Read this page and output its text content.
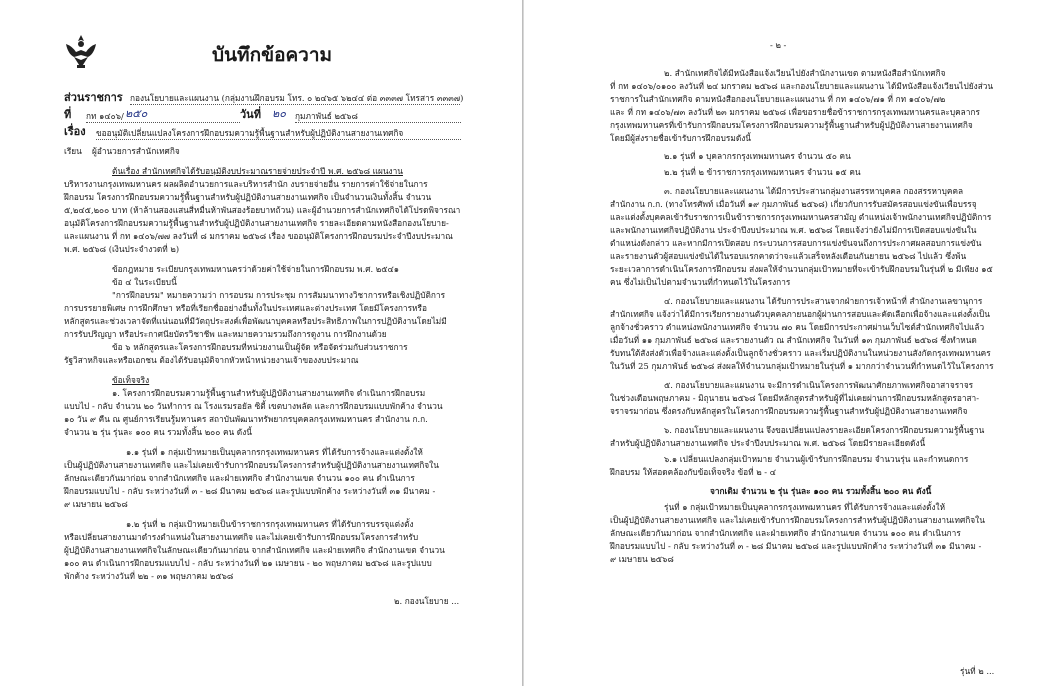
บันทึกข้อความ
ส่วนราชการ กองนโยบายและแผนงาน (กลุ่มงานฝึกอบรม โทร. ๐ ๒๔๖๕ ๖๒๔๔ ต่อ ๓๓๓๗ โทรสาร ๓๓๓๗)
ที่ กท ๑๔๐๖/ ๒๕๐	วันที่ ๒๐ กุมภาพันธ์ ๒๕๖๘
เรื่อง ขออนุมัติเปลี่ยนแปลงโครงการฝึกอบรมความรู้พื้นฐานสำหรับผู้ปฏิบัติงานสายงานเทศกิจ
เรียน ผู้อำนวยการสำนักเทศกิจ
ต้นเรื่อง สำนักเทศกิจได้รับอนุมัติงบประมาณรายจ่ายประจำปี พ.ศ. ๒๕๖๘ แผนงาน
บริหารงานกรุงเทพมหานคร ผลผลิตอำนวยการและบริหารสำนัก งบรายจ่ายอื่น รายการค่าใช้จ่ายในการ
ฝึกอบรม โครงการฝึกอบรมความรู้พื้นฐานสำหรับผู้ปฏิบัติงานสายงานเทศกิจ เป็นจำนวนเงินทั้งสิ้น จำนวน
๕,๒๔๕,๒๐๐ บาท (ห้าล้านสองแสนสี่หมื่นห้าพันสองร้อยบาทถ้วน) และผู้อำนวยการสำนักเทศกิจได้โปรดพิจารณา
อนุมัติโครงการฝึกอบรมความรู้พื้นฐานสำหรับผู้ปฏิบัติงานสายงานเทศกิจ รายละเอียดตามหนังสือกองนโยบาย-
และแผนงาน ที่ กท ๑๔๐๖/๗๗ ลงวันที่ ๘ มกราคม ๒๕๖๘ เรื่อง ขออนุมัติโครงการฝึกอบรมประจำปีงบประมาณ
พ.ศ. ๒๕๖๘ (เงินประจำงวดที่ ๒)
ข้อกฎหมาย ระเบียบกรุงเทพมหานครว่าด้วยค่าใช้จ่ายในการฝึกอบรม พ.ศ. ๒๕๔๑
ข้อ ๔ ในระเบียบนี้
"การฝึกอบรม" หมายความว่า การอบรม การประชุม การสัมมนาทางวิชาการหรือเชิงปฏิบัติการ
การบรรยายพิเศษ การฝึกศึกษา หรือที่เรียกชื่ออย่างอื่นทั้งในประเทศและต่างประเทศ โดยมีโครงการหรือ
หลักสูตรและช่วงเวลาจัดที่แน่นอนที่มีวัตถุประสงค์เพื่อพัฒนาบุคคลหรือประสิทธิภาพในการปฏิบัติงานโดยไม่มี
การรับปริญญา หรือประกาศนียบัตรวิชาชีพ และหมายความรวมถึงการดูงาน การฝึกงานด้วย
ข้อ ๖ หลักสูตรและโครงการฝึกอบรมที่หน่วยงานเป็นผู้จัด หรือจัดร่วมกับส่วนราชการ
รัฐวิสาหกิจและหรือเอกชน ต้องได้รับอนุมัติจากหัวหน้าหน่วยงานเจ้าของงบประมาณ
ข้อเท็จจริง
๑. โครงการฝึกอบรมความรู้พื้นฐานสำหรับผู้ปฏิบัติงานสายงานเทศกิจ ดำเนินการฝึกอบรม
แบบไป - กลับ จำนวน ๒๐ วันทำการ ณ โรงแรมรอยัล ซิตี้ เขตบางพลัด และการฝึกอบรมแบบพักค้าง จำนวน
๑๐ วัน ๙ คืน ณ ศูนย์การเรียนรู้มหานคร สถาบันพัฒนาทรัพยากรบุคคลกรุงเทพมหานคร สำนักงาน ก.ก.
จำนวน ๒ รุ่น รุ่นละ ๑๐๐ คน รวมทั้งสิ้น ๒๐๐ คน ดังนี้
๑.๑ รุ่นที่ ๑ กลุ่มเป้าหมายเป็นบุคลากรกรุงเทพมหานคร ที่ได้รับการจ้างและแต่งตั้งให้
เป็นผู้ปฏิบัติงานสายงานเทศกิจ และไม่เคยเข้ารับการฝึกอบรมโครงการสำหรับผู้ปฏิบัติงานสายงานเทศกิจใน
ลักษณะเดียวกันมาก่อน จากสำนักเทศกิจ และฝ่ายเทศกิจ สำนักงานเขต จำนวน ๑๐๐ คน ดำเนินการ
ฝึกอบรมแบบไป - กลับ ระหว่างวันที่ ๓ - ๒๘ มีนาคม ๒๕๖๘ และรูปแบบพักค้าง ระหว่างวันที่ ๓๑ มีนาคม -
๙ เมษายน ๒๕๖๘
๑.๒ รุ่นที่ ๒ กลุ่มเป้าหมายเป็นข้าราชการกรุงเทพมหานคร ที่ได้รับการบรรจุแต่งตั้ง
หรือเปลี่ยนสายงานมาดำรงตำแหน่งในสายงานเทศกิจ และไม่เคยเข้ารับการฝึกอบรมโครงการสำหรับ
ผู้ปฏิบัติงานสายงานเทศกิจในลักษณะเดียวกันมาก่อน จากสำนักเทศกิจ และฝ่ายเทศกิจ สำนักงานเขต จำนวน
๑๐๐ คน ดำเนินการฝึกอบรมแบบไป - กลับ ระหว่างวันที่ ๒๑ เมษายน - ๒๐ พฤษภาคม ๒๕๖๘ และรูปแบบ
พักค้าง ระหว่างวันที่ ๒๒ - ๓๑ พฤษภาคม ๒๕๖๘
๒. กองนโยบาย ...
- ๒ -
๒. สำนักเทศกิจได้มีหนังสือแจ้งเวียนไปยังสำนักงานเขต ตามหนังสือสำนักเทศกิจ
ที่ กท ๑๔๐๖/๐๑๐๐ ลงวันที่ ๒๔ มกราคม ๒๕๖๘ และกองนโยบายและแผนงาน ได้มีหนังสือแจ้งเวียนไปยังส่วน
ราชการในสำนักเทศกิจ ตามหนังสือกองนโยบายและแผนงาน ที่ กท ๑๔๐๖/๗๑ ที่ กท ๑๔๐๖/๗๒
และ ที่ กท ๑๔๐๖/๗๓ ลงวันที่ ๒๓ มกราคม ๒๕๖๘ เพื่อขอรายชื่อข้าราชการกรุงเทพมหานครและบุคลากร
กรุงเทพมหานครที่เข้ารับการฝึกอบรมโครงการฝึกอบรมความรู้พื้นฐานสำหรับผู้ปฏิบัติงานสายงานเทศกิจ
โดยมีผู้ส่งรายชื่อเข้ารับการฝึกอบรมดังนี้
๒.๑ รุ่นที่ ๑ บุคลากรกรุงเทพมหานคร จำนวน ๕๐ คน
๒.๒ รุ่นที่ ๒ ข้าราชการกรุงเทพมหานคร จำนวน ๑๕ คน
๓. กองนโยบายและแผนงาน ได้มีการประสานกลุ่มงานสรรหาบุคคล กองสรรหาบุคคล
สำนักงาน ก.ก. (ทางโทรศัพท์ เมื่อวันที่ ๑๙ กุมภาพันธ์ ๒๕๖๘) เกี่ยวกับการรับสมัครสอบแข่งขันเพื่อบรรจุ
และแต่งตั้งบุคคลเข้ารับราชการเป็นข้าราชการกรุงเทพมหานครสามัญ ตำแหน่งเจ้าพนักงานเทศกิจปฏิบัติการ
และพนักงานเทศกิจปฏิบัติงาน ประจำปีงบประมาณ พ.ศ. ๒๕๖๘ โดยแจ้งว่ายังไม่มีการเปิดสอบแข่งขันใน
ตำแหน่งดังกล่าว และหากมีการเปิดสอบ กระบวนการสอบการแข่งขันจนถึงการประกาศผลสอบการแข่งขัน
และรายงานตัวผู้สอบแข่งขันได้ในรอบแรกคาดว่าจะแล้วเสร็จหลังเดือนกันยายน ๒๕๖๘ ไปแล้ว ซึ่งพ้น
ระยะเวลาการดำเนินโครงการฝึกอบรม ส่งผลให้จำนวนกลุ่มเป้าหมายที่จะเข้ารับฝึกอบรมในรุ่นที่ ๒ มีเพียง ๑๕
คน ซึ่งไม่เป็นไปตามจำนวนที่กำหนดไว้ในโครงการ
๔. กองนโยบายและแผนงาน ได้รับการประสานจากฝ่ายการเจ้าหน้าที่ สำนักงานเลขานุการ
สำนักเทศกิจ แจ้งว่าได้มีการเรียกรายงานตัวบุคคลภายนอกผู้ผ่านการสอบและคัดเลือกเพื่อจ้างและแต่งตั้งเป็น
ลูกจ้างชั่วคราว ตำแหน่งพนักงานเทศกิจ จำนวน ๗๐ คน โดยมีการประกาศผ่านเว็บไซต์สำนักเทศกิจไปแล้ว
เมื่อวันที่ ๑๑ กุมภาพันธ์ ๒๕๖๘ และรายงานตัว ณ สำนักเทศกิจ ในวันที่ ๑๓ กุมภาพันธ์ ๒๕๖๘ ซึ่งทำหนด
รับทนใต้สังส่งตัวเพื่อจ้างและแต่งตั้งเป็นลูกจ้างชั่วคราว และเริ่มปฏิบัติงานในหน่วยงานสังกัดกรุงเทพมหานคร
ในวันที่ 25 กุมภาพันธ์ ๒๕๖๘ ส่งผลให้จำนวนกลุ่มเป้าหมายในรุ่นที่ ๑ มากกว่าจำนวนที่กำหนดไว้ในโครงการ
๕. กองนโยบายและแผนงาน จะมีการดำเนินโครงการพัฒนาศักยภาพเทศกิจอาสาจราจร
ในช่วงเดือนพฤษภาคม - มิถุนายน ๒๕๖๘ โดยมีหลักสูตรสำหรับผู้ที่ไม่เคยผ่านการฝึกอบรมหลักสูตรอาสา-
จราจรมาก่อน ซึ่งตรงกับหลักสูตรในโครงการฝึกอบรมความรู้พื้นฐานสำหรับผู้ปฏิบัติงานสายงานเทศกิจ
๖. กองนโยบายและแผนงาน จึงขอเปลี่ยนแปลงรายละเอียดโครงการฝึกอบรมความรู้พื้นฐาน
สำหรับผู้ปฏิบัติงานสายงานเทศกิจ ประจำปีงบประมาณ พ.ศ. ๒๕๖๘ โดยมีรายละเอียดดังนี้
๖.๑ เปลี่ยนแปลงกลุ่มเป้าหมาย จำนวนผู้เข้ารับการฝึกอบรม จำนวนรุ่น และกำหนดการ
ฝึกอบรม ให้สอดคล้องกับข้อเท็จจริง ข้อที่ ๒ - ๔
จากเดิม จำนวน ๒ รุ่น รุ่นละ ๑๐๐ คน รวมทั้งสิ้น ๒๐๐ คน ดังนี้
รุ่นที่ ๑ กลุ่มเป้าหมายเป็นบุคลากรกรุงเทพมหานคร ที่ได้รับการจ้างและแต่งตั้งให้
เป็นผู้ปฏิบัติงานสายงานเทศกิจ และไม่เคยเข้ารับการฝึกอบรมโครงการสำหรับผู้ปฏิบัติงานสายงานเทศกิจใน
ลักษณะเดียวกันมาก่อน จากสำนักเทศกิจ และฝ่ายเทศกิจ สำนักงานเขต จำนวน ๑๐๐ คน ดำเนินการ
ฝึกอบรมแบบไป - กลับ ระหว่างวันที่ ๓ - ๒๘ มีนาคม ๒๕๖๘ และรูปแบบพักค้าง ระหว่างวันที่ ๓๑ มีนาคม -
๙ เมษายน ๒๕๖๘
รุ่นที่ ๒ ...
